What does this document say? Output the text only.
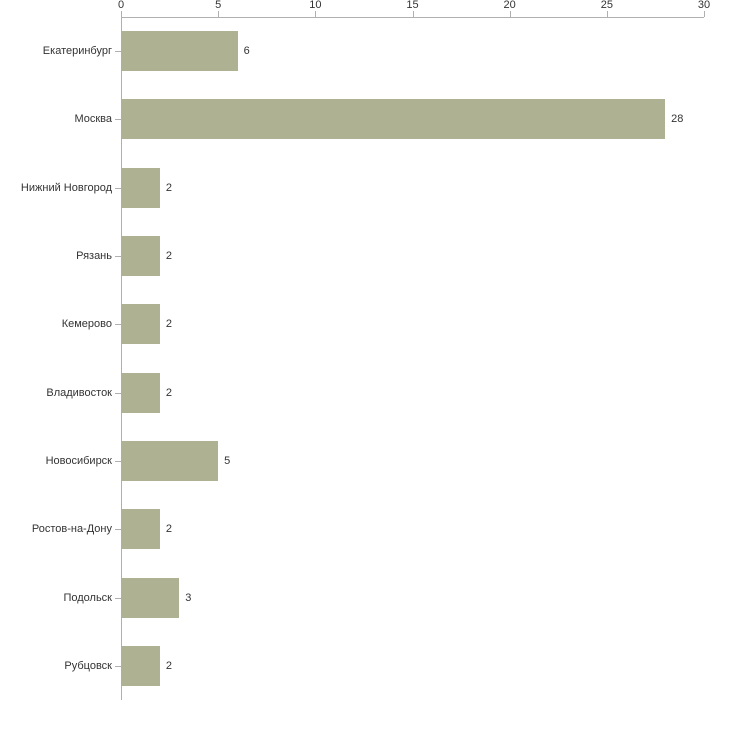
0	5	10	15	20	25	30
Екатеринбург
Москва
Нижний Новгород
Рязань
Кемерово
Владивосток
Новосибирск
Ростов-на-Дону
Подольск
Рубцовск
6
28
2
2
2
2
5
2
3
2
